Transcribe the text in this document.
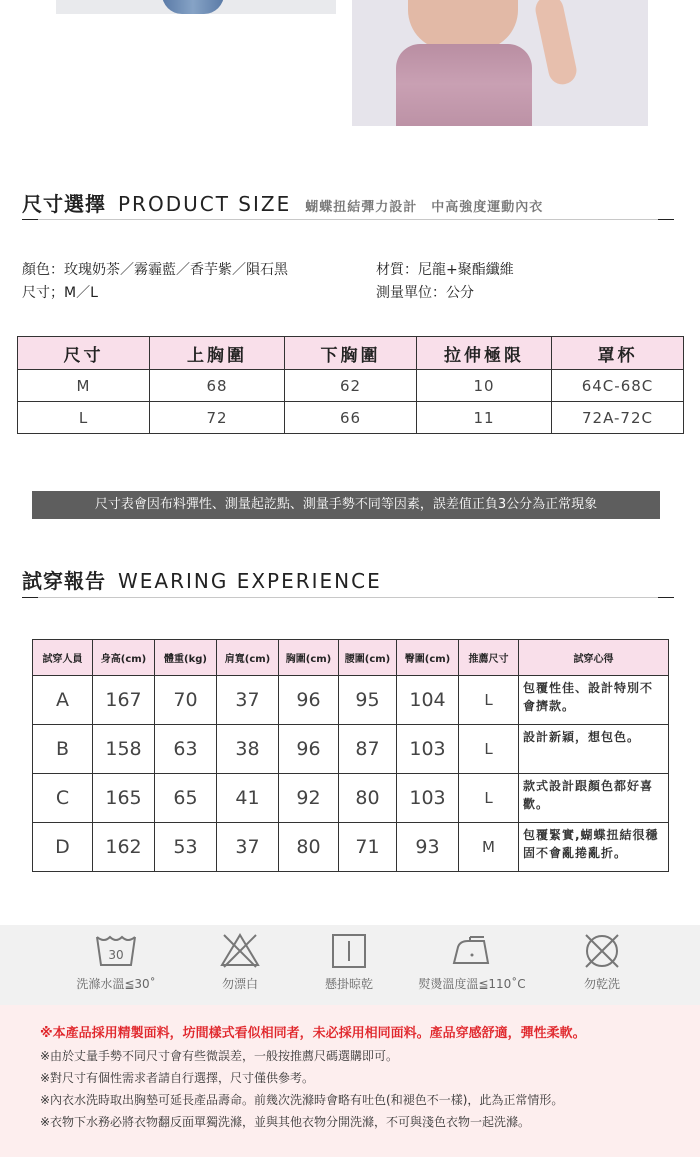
尺寸選擇 PRODUCT SIZE 蝴蝶扭結彈力設計　中高強度運動內衣
顏色：玫瑰奶茶／霧霾藍／香芋紫／隕石黑
尺寸；M／L
材質：尼龍+聚酯纖維
測量單位：公分
尺寸	上胸圍	下胸圍	拉伸極限	罩杯
M	68	62	10	64C-68C
L	72	66	11	72A-72C
尺寸表會因布料彈性、測量起訖點、測量手勢不同等因素，誤差值正負3公分為正常現象
試穿報告 WEARING EXPERIENCE
試穿人員	身高(cm)	體重(kg)	肩寬(cm)	胸圍(cm)	腰圍(cm)	臀圍(cm)	推薦尺寸	試穿心得
A	167	70	37	96	95	104	L	包覆性佳、設計特別不會擠款。
B	158	63	38	96	87	103	L	設計新穎，想包色。
C	165	65	41	92	80	103	L	款式設計跟顏色都好喜歡。
D	162	53	37	80	71	93	M	包覆緊實,蝴蝶扭結很穩固不會亂捲亂折。
30
洗滌水溫≦30˚	勿漂白	懸掛晾乾	熨燙溫度溫≦110˚C	勿乾洗

※本產品採用精製面料，坊間樣式看似相同者，未必採用相同面料。產品穿感舒適，彈性柔軟。

※由於丈量手勢不同尺寸會有些微誤差，一般按推薦尺碼選購即可。

※對尺寸有個性需求者請自行選擇，尺寸僅供參考。

※內衣水洗時取出胸墊可延長產品壽命。前幾次洗滌時會略有吐色(和褪色不一樣)，此為正常情形。

※衣物下水務必將衣物翻反面單獨洗滌，並與其他衣物分開洗滌，不可與淺色衣物一起洗滌。
